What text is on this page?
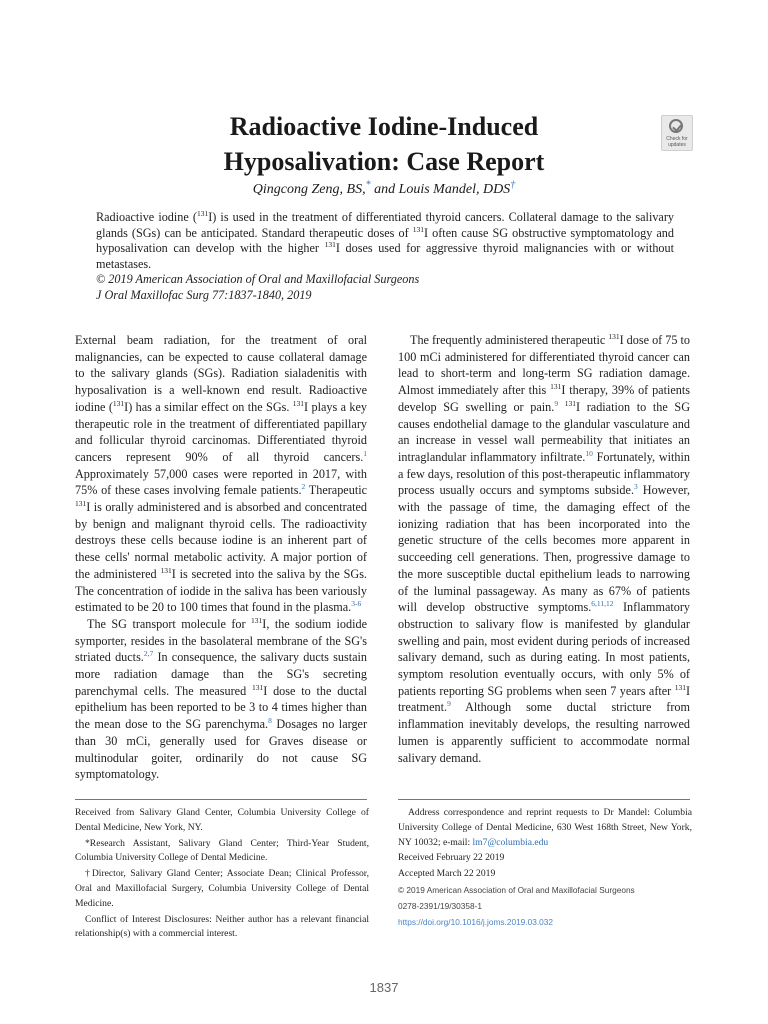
Radioactive Iodine-Induced
Hyposalivation: Case Report
Check for
updates
Qingcong Zeng, BS,* and Louis Mandel, DDS†
Radioactive iodine ($^{131}$I) is used in the treatment of differentiated thyroid cancers. Collateral damage to the salivary glands (SGs) can be anticipated. Standard therapeutic doses of $^{131}$I often cause SG obstructive symptomatology and hyposalivation can develop with the higher $^{131}$I doses used for aggressive thyroid malignancies with or without metastases.
© 2019 American Association of Oral and Maxillofacial Surgeons
J Oral Maxillofac Surg 77:1837-1840, 2019

External beam radiation, for the treatment of oral malignancies, can be expected to cause collateral damage to the salivary glands (SGs). Radiation sialadenitis with hyposalivation is a well-known end result. Radioactive iodine ($^{131}$I) has a similar effect on the SGs. $^{131}$I plays a key therapeutic role in the treatment of differentiated papillary and follicular thyroid carcinomas. Differentiated thyroid cancers represent 90% of all thyroid cancers.$^1$ Approximately 57,000 cases were reported in 2017, with 75% of these cases involving female patients.$^2$ Therapeutic $^{131}$I is orally administered and is absorbed and concentrated by benign and malignant thyroid cells. The radioactivity destroys these cells because iodine is an inherent part of these cells' normal metabolic activity. A major portion of the administered $^{131}$I is secreted into the saliva by the SGs. The concentration of iodide in the saliva has been variously estimated to be 20 to 100 times that found in the plasma.$^{3-6}$

The SG transport molecule for $^{131}$I, the sodium iodide symporter, resides in the basolateral membrane of the SG's striated ducts.$^{2,7}$ In consequence, the salivary ducts sustain more radiation damage than the SG's secreting parenchymal cells. The measured $^{131}$I dose to the ductal epithelium has been reported to be 3 to 4 times higher than the mean dose to the SG parenchyma.$^8$ Dosages no larger than 30 mCi, generally used for Graves disease or multinodular goiter, ordinarily do not cause SG symptomatology.

The frequently administered therapeutic $^{131}$I dose of 75 to 100 mCi administered for differentiated thyroid cancer can lead to short-term and long-term SG radiation damage. Almost immediately after this $^{131}$I therapy, 39% of patients develop SG swelling or pain.$^9$ $^{131}$I radiation to the SG causes endothelial damage to the glandular vasculature and an increase in vessel wall permeability that initiates an intraglandular inflammatory infiltrate.$^{10}$ Fortunately, within a few days, resolution of this post-therapeutic inflammatory process usually occurs and symptoms subside.$^3$ However, with the passage of time, the damaging effect of the ionizing radiation that has been incorporated into the genetic structure of the cells becomes more apparent in succeeding cell generations. Then, progressive damage to the more susceptible ductal epithelium leads to narrowing of the luminal passageway. As many as 67% of patients will develop obstructive symptoms.$^{6,11,12}$ Inflammatory obstruction to salivary flow is manifested by glandular swelling and pain, most evident during periods of increased salivary demand, such as during eating. In most patients, symptom resolution eventually occurs, with only 5% of patients reporting SG problems when seen 7 years after $^{131}$I treatment.$^9$ Although some ductal stricture from inflammation inevitably develops, the resulting narrowed lumen is apparently sufficient to accommodate normal salivary demand.

Received from Salivary Gland Center, Columbia University College of Dental Medicine, New York, NY.

*Research Assistant, Salivary Gland Center; Third-Year Student, Columbia University College of Dental Medicine.

†Director, Salivary Gland Center; Associate Dean; Clinical Professor, Oral and Maxillofacial Surgery, Columbia University College of Dental Medicine.

Conflict of Interest Disclosures: Neither author has a relevant financial relationship(s) with a commercial interest.

Address correspondence and reprint requests to Dr Mandel: Columbia University College of Dental Medicine, 630 West 168th Street, New York, NY 10032; e-mail: lm7@columbia.edu

Received February 22 2019

Accepted March 22 2019

© 2019 American Association of Oral and Maxillofacial Surgeons

0278-2391/19/30358-1

https://doi.org/10.1016/j.joms.2019.03.032

1837
